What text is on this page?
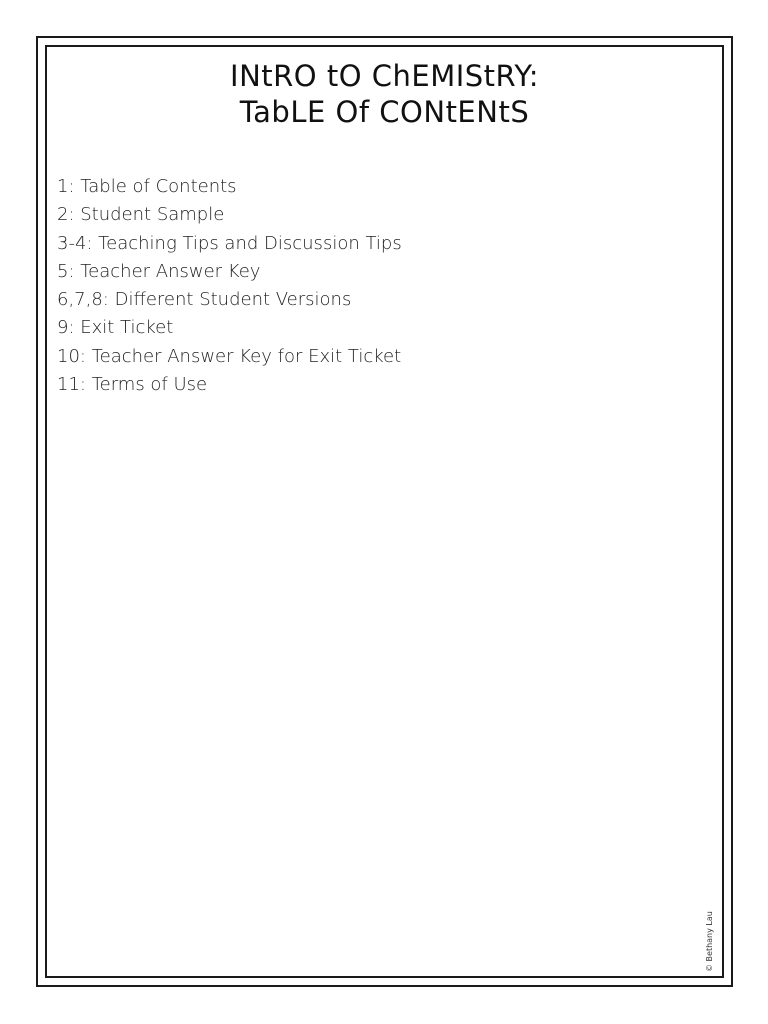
INtRO tO ChEMIStRY:
TabLE Of CONtENtS
1: Table of Contents
2: Student Sample
3-4: Teaching Tips and Discussion Tips
5: Teacher Answer Key
6,7,8: Different Student Versions
9: Exit Ticket
10: Teacher Answer Key for Exit Ticket
11: Terms of Use
© Bethany Lau
